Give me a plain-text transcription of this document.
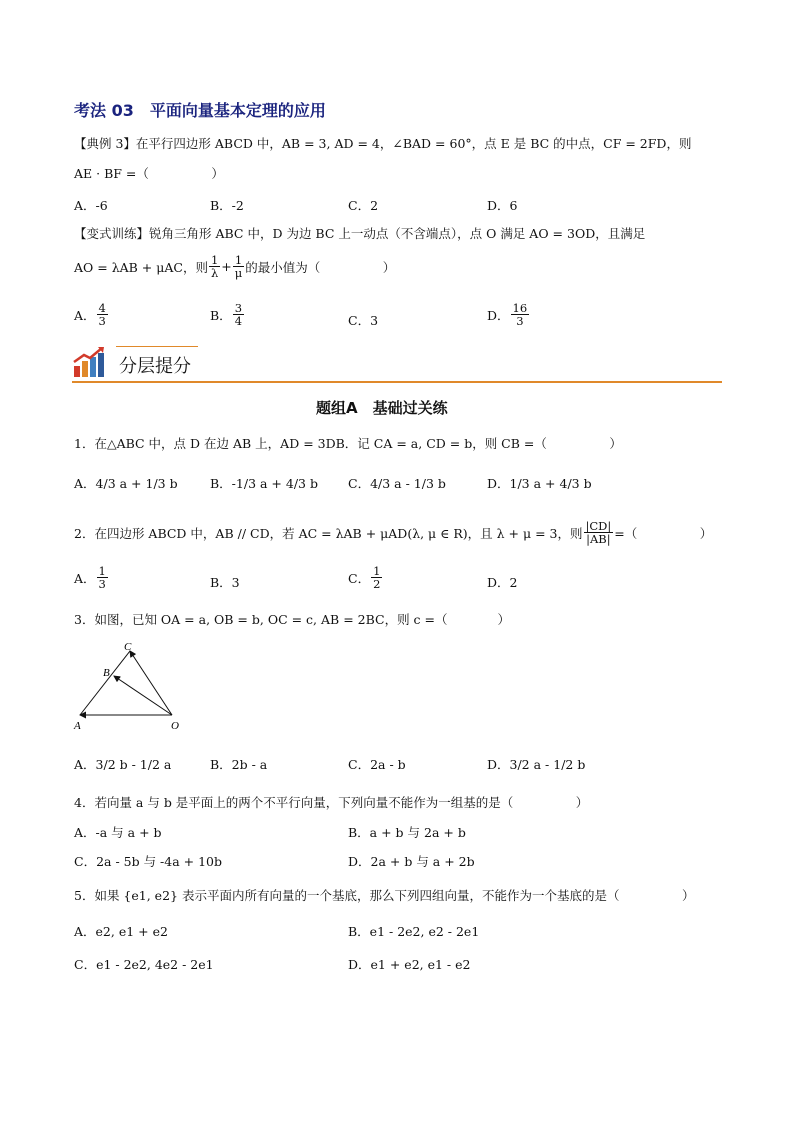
考法 03　平面向量基本定理的应用
【典例 3】在平行四边形 ABCD 中，AB = 3, AD = 4，∠BAD = 60°，点 E 是 BC 的中点，CF = 2FD，则
AE · BF =（　　　　　）
A．-6	B．-2	C．2	D．6
【变式训练】锐角三角形 ABC 中，D 为边 BC 上一动点（不含端点），点 O 满足 AO = 3OD，且满足
AO = λAB + μAC，则 $\frac{1}{\lambda} + \frac{1}{\mu}$ 的最小值为（　　　　　）
A． $\frac{4}{3}$	B． $\frac{3}{4}$	C．3	D． $\frac{16}{3}$
分层提分
题组A　基础过关练
1．在△ABC 中，点 D 在边 AB 上，AD = 3DB．记 CA = a, CD = b，则 CB =（　　　　　）
A．4/3 a + 1/3 b	B．-1/3 a + 4/3 b C．4/3 a - 1/3 b	D．1/3 a + 4/3 b
2．在四边形 ABCD 中，AB // CD，若 AC = λAB + μAD(λ, μ ∈ R)，且 λ + μ = 3，则 $\frac{|CD|}{|AB|}$ =（　　　　　）
A． $\frac{1}{3}$	B．3	C． $\frac{1}{2}$	D．2
3．如图，已知 OA = a, OB = b, OC = c, AB = 2BC，则 c =（　　　　）
C
B
A	O
A．3/2 b - 1/2 a	B．2b - a	C．2a - b	D．3/2 a - 1/2 b
4．若向量 a 与 b 是平面上的两个不平行向量，下列向量不能作为一组基的是（　　　　　）
A．-a 与 a + b	B．a + b 与 2a + b
C．2a - 5b 与 -4a + 10b	D．2a + b 与 a + 2b
5．如果 {e1, e2} 表示平面内所有向量的一个基底，那么下列四组向量，不能作为一个基底的是（　　　　　）
A．e2, e1 + e2	B．e1 - 2e2, e2 - 2e1
C．e1 - 2e2, 4e2 - 2e1	D．e1 + e2, e1 - e2
